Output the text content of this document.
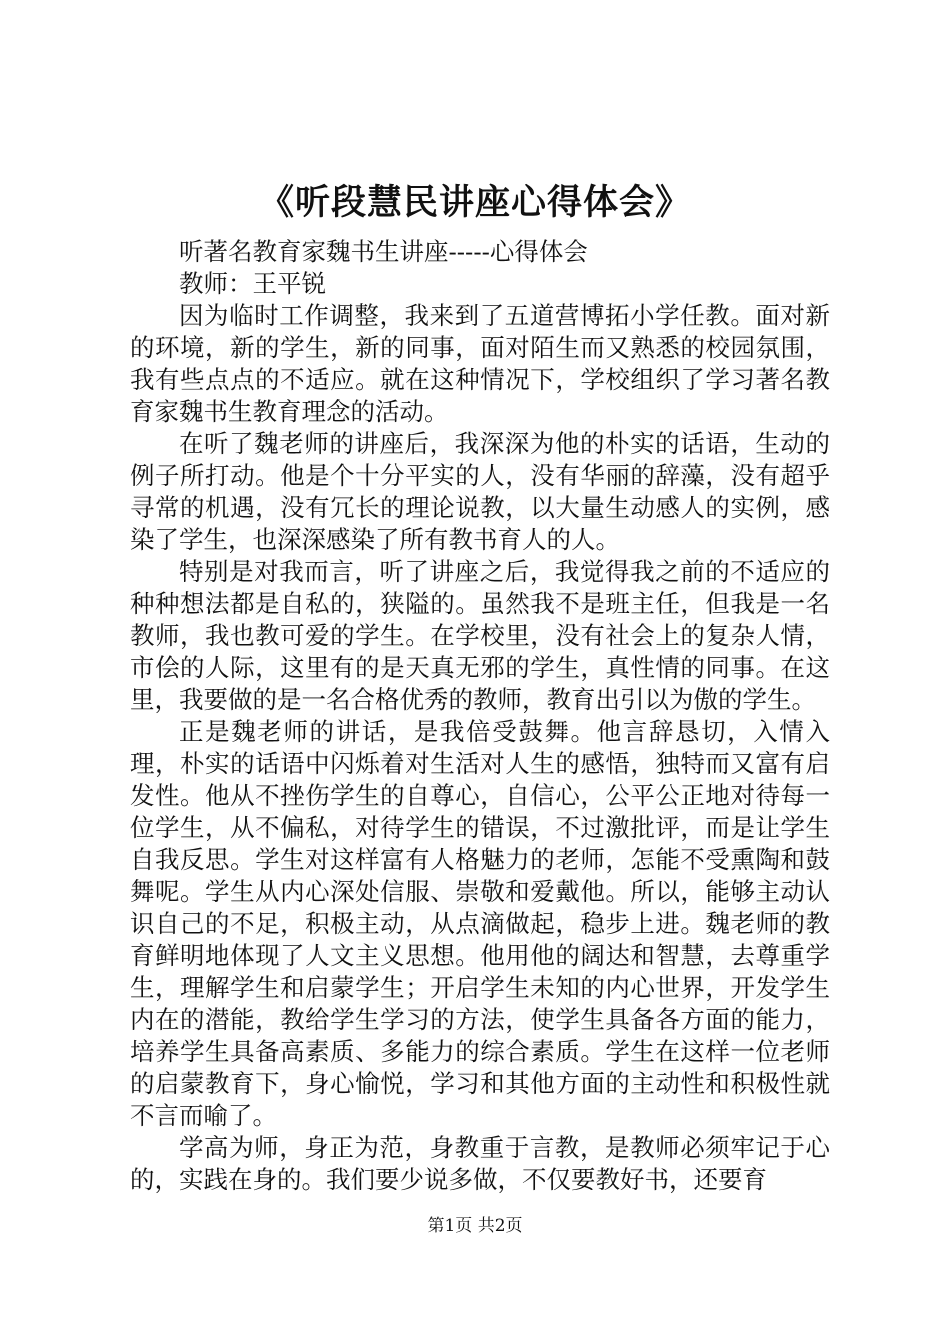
《听段慧民讲座心得体会》

听著名教育家魏书生讲座-----心得体会

教师：王平锐

因为临时工作调整，我来到了五道营博拓小学任教。面对新的环境，新的学生，新的同事，面对陌生而又熟悉的校园氛围，我有些点点的不适应。就在这种情况下，学校组织了学习著名教育家魏书生教育理念的活动。

在听了魏老师的讲座后，我深深为他的朴实的话语，生动的例子所打动。他是个十分平实的人，没有华丽的辞藻，没有超乎寻常的机遇，没有冗长的理论说教，以大量生动感人的实例，感染了学生，也深深感染了所有教书育人的人。

特别是对我而言，听了讲座之后，我觉得我之前的不适应的种种想法都是自私的，狭隘的。虽然我不是班主任，但我是一名教师，我也教可爱的学生。在学校里，没有社会上的复杂人情，市侩的人际，这里有的是天真无邪的学生，真性情的同事。在这里，我要做的是一名合格优秀的教师，教育出引以为傲的学生。

正是魏老师的讲话，是我倍受鼓舞。他言辞恳切，入情入理，朴实的话语中闪烁着对生活对人生的感悟，独特而又富有启发性。他从不挫伤学生的自尊心，自信心，公平公正地对待每一位学生，从不偏私，对待学生的错误，不过激批评，而是让学生自我反思。学生对这样富有人格魅力的老师，怎能不受熏陶和鼓舞呢。学生从内心深处信服、崇敬和爱戴他。所以，能够主动认识自己的不足，积极主动，从点滴做起，稳步上进。魏老师的教育鲜明地体现了人文主义思想。他用他的阔达和智慧，去尊重学生，理解学生和启蒙学生；开启学生未知的内心世界，开发学生内在的潜能，教给学生学习的方法，使学生具备各方面的能力，培养学生具备高素质、多能力的综合素质。学生在这样一位老师的启蒙教育下，身心愉悦，学习和其他方面的主动性和积极性就不言而喻了。

学高为师，身正为范，身教重于言教，是教师必须牢记于心的，实践在身的。我们要少说多做，不仅要教好书，还要育

第1页 共2页
